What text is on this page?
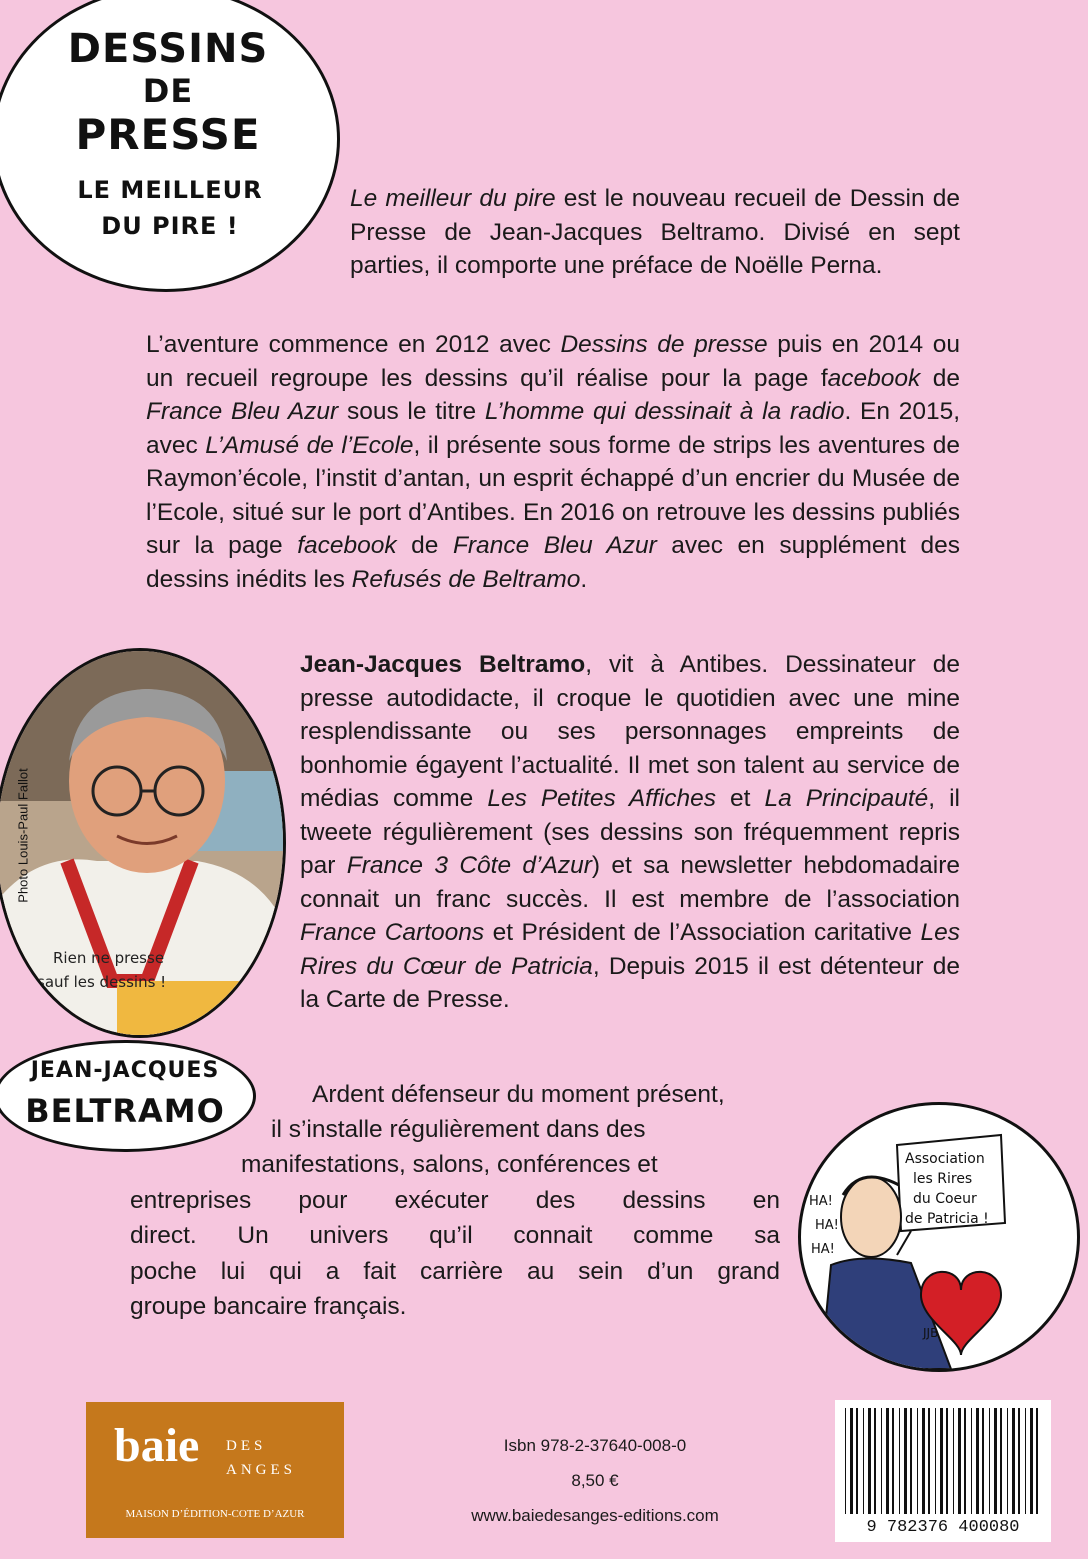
DESSINS
DE
PRESSE
LE MEILLEUR
DU PIRE !
Le meilleur du pire est le nouveau recueil de Dessin de Presse de Jean-Jacques Beltramo. Divisé en sept parties, il comporte une préface de Noëlle Perna.
L’aventure commence en 2012 avec Dessins de presse puis en 2014 ou un recueil regroupe les dessins qu’il réalise pour la page facebook de France Bleu Azur sous le titre L’homme qui dessinait à la radio. En 2015, avec L’Amusé de l’Ecole, il présente sous forme de strips les aventures de Raymon’école, l’instit d’antan, un esprit échappé d’un encrier du Musée de l’Ecole, situé sur le port d’Antibes. En 2016 on retrouve les dessins publiés sur la page facebook de France Bleu Azur avec en supplément des dessins inédits les Refusés de Beltramo.
Jean-Jacques Beltramo, vit à Antibes. Dessinateur de presse autodidacte, il croque le quotidien avec une mine resplendissante ou ses personnages empreints de bonhomie égayent l’actualité. Il met son talent au service de médias comme Les Petites Affiches et La Principauté, il tweete régulièrement (ses dessins son fréquemment repris par France 3 Côte d’Azur) et sa newsletter hebdomadaire connait un franc succès. Il est membre de l’association France Cartoons et Président de l’Association caritative Les Rires du Cœur de Patricia, Depuis 2015 il est détenteur de la Carte de Presse.
Ardent défenseur du moment présent,
il s’installe régulièrement dans des
manifestations, salons, conférences et
entreprises pour exécuter des dessins en
direct. Un univers qu’il connait comme sa
poche lui qui a fait carrière au sein d’un grand
groupe bancaire français.
Rien ne presse
sauf les dessins !
Photo Louis-Paul Fallot
JEAN-JACQUES
BELTRAMO
Association
les Rires
du Coeur
de Patricia !
HA!
HA!
HA!
JJB
baie DES
ANGES
MAISON D’ÉDITION-COTE D’AZUR
Isbn 978-2-37640-008-0
8,50 €
www.baiedesanges-editions.com
9 782376 400080
